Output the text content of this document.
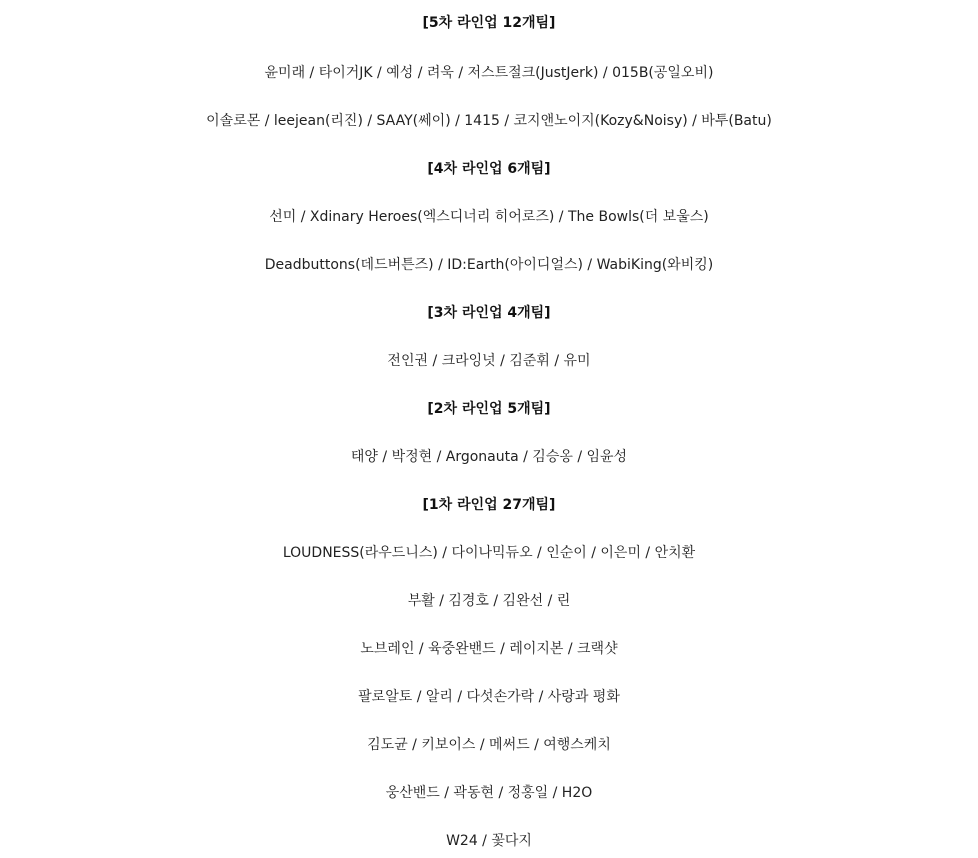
[5차 라인업 12개팀]
윤미래 / 타이거JK / 예성 / 려욱 / 저스트절크(JustJerk) / 015B(공일오비)
이솔로몬 / leejean(리진) / SAAY(쎄이) / 1415 / 코지앤노이지(Kozy&Noisy) / 바투(Batu)
[4차 라인업 6개팀]
선미 / Xdinary Heroes(엑스디너리 히어로즈) / The Bowls(더 보울스)
Deadbuttons(데드버튼즈) / ID:Earth(아이디얼스) / WabiKing(와비킹)
[3차 라인업 4개팀]
전인권 / 크라잉넛 / 김준휘 / 유미
[2차 라인업 5개팀]
태양 / 박정현 / Argonauta / 김승옹 / 임윤성
[1차 라인업 27개팀]
LOUDNESS(라우드니스) / 다이나믹듀오 / 인순이 / 이은미 / 안치환
부활 / 김경호 / 김완선 / 린
노브레인 / 육중완밴드 / 레이지본 / 크랙샷
팔로알토 / 알리 / 다섯손가락 / 사랑과 평화
김도균 / 키보이스 / 메써드 / 여행스케치
웅산밴드 / 곽동현 / 정홍일 / H2O
W24 / 꽃다지
